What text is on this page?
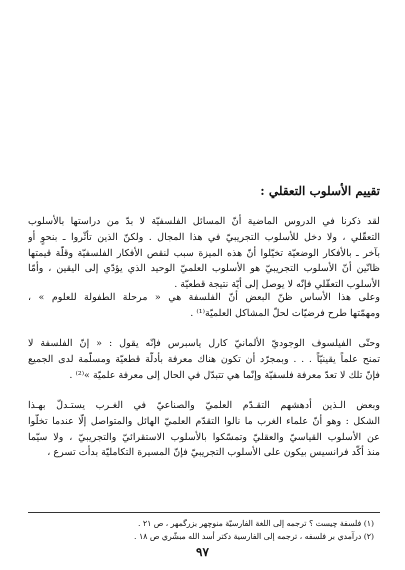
تقييم الأسلوب التعقلي :
لقد ذكرنا في الدروس الماضية أنّ المسائل الفلسفيّة لا بدّ من دراستها بالأسلوب
التعقّلي ، ولا دخل للأسلوب التجريبيّ في هذا المجال . ولكنّ الذين تأثّروا ـ بنحوٍ أو
بآخر ـ بالأفكار الوضعيّة تخيّلوا أنّ هذه الميزة سبب لنقص الأفكار الفلسفيّة وقلّة قيمتها
ظانّين أنّ الأسلوب التجريبيّ هو الأسلوب العلميّ الوحيد الذي يؤدّي إلى اليقين ، وأمّا
الأسلوب التعقّلي فإنّه لا يوصل إلى أيّة نتيجة قطعيّة .
وعلى هذا الأساس ظنّ البعض أنّ الفلسفة هي « مرحلة الطفولة للعلوم » ،
ومهمّتها طرح فرضيّات لحلّ المشاكل العلميّة⁽¹⁾ .
وحتّى الفيلسوف الوجوديّ الألمانيّ كارل ياسبرس فإنّه يقول : « إنّ الفلسفة لا
تمنح علماً يقينيّاً . . . وبمجرّد أن تكون هناك معرفة بأدلّة قطعيّة ومسلّمة لدى الجميع
فإنّ تلك لا تعدّ معرفة فلسفيّة وإنّما هي تتبدّل في الحال إلى معرفة علميّة »⁽²⁾ .
وبعض الـذين أدهشهم التقـدّم العلميّ والصناعيّ في الغـرب يستـدلّ بهـذا
الشكل : وهو أنّ علماء الغرب ما نالوا التقدّم العلميّ الهائل والمتواصل إلّا عندما تخلّوا
عن الأسلوب القياسيّ والعقليّ وتمسّكوا بالأسلوب الاستقرائيّ والتجريبيّ ، ولا سيّما
منذ أكّد فرانسيس بيكون على الأسلوب التجريبيّ فإنّ المسيرة التكامليّة بدأت تسرع ،
(١) فلسفة چيست ؟ ترجمه إلى اللغة الفارسيّة منوچهر بزرگمهر ، ص ٢١ .
(٢) درآمدي بر فلسفه ، ترجمه إلى الفارسية دكتر أسد الله مبشّري ص ١٨ .
٩٧
